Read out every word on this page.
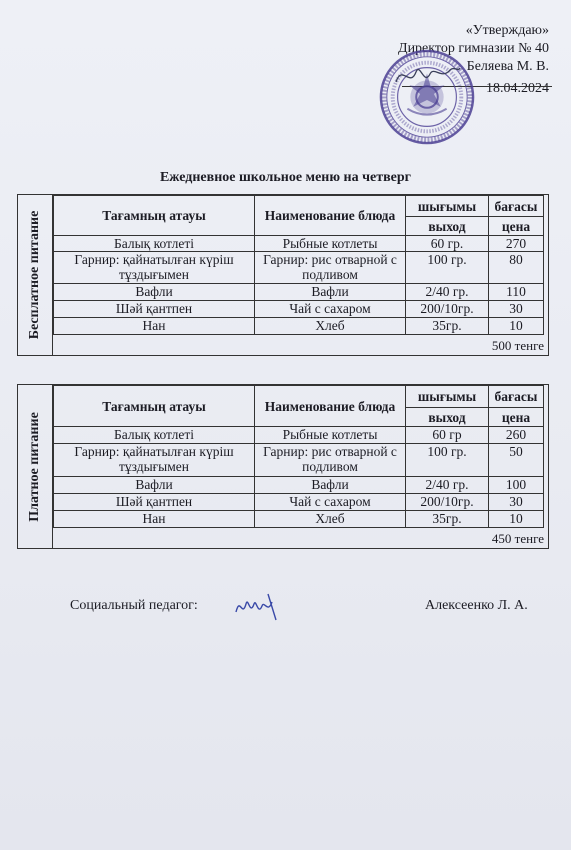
«Утверждаю»
Директор гимназии № 40
Беляева М. В.
18.04.2024
Ежедневное школьное меню на четверг
Бесплатное питание	Тағамның атауы	Наименование блюда	шығымы	бағасы
		выход	цена
Балық котлеті	Рыбные котлеты	60 гр.	270
Гарнир: қайнатылған күріш тұздығымен	Гарнир: рис отварной с подливом	100 гр.	80
Вафли	Вафли	2/40 гр.	110
Шәй қантпен	Чай с сахаром	200/10гр.	30
Нан	Хлеб	35гр.	10
500 тенге
Платное питание
Тағамның атауы	Наименование блюда	шығымы	бағасы
		выход	цена
Балық котлеті	Рыбные котлеты	60 гр	260
Гарнир: қайнатылған күріш тұздығымен	Гарнир: рис отварной с подливом	100 гр.	50
Вафли	Вафли	2/40 гр.	100
Шәй қантпен	Чай с сахаром	200/10гр.	30
Нан	Хлеб	35гр.	10
450 тенге
Социальный педагог:	Алексеенко Л. А.
